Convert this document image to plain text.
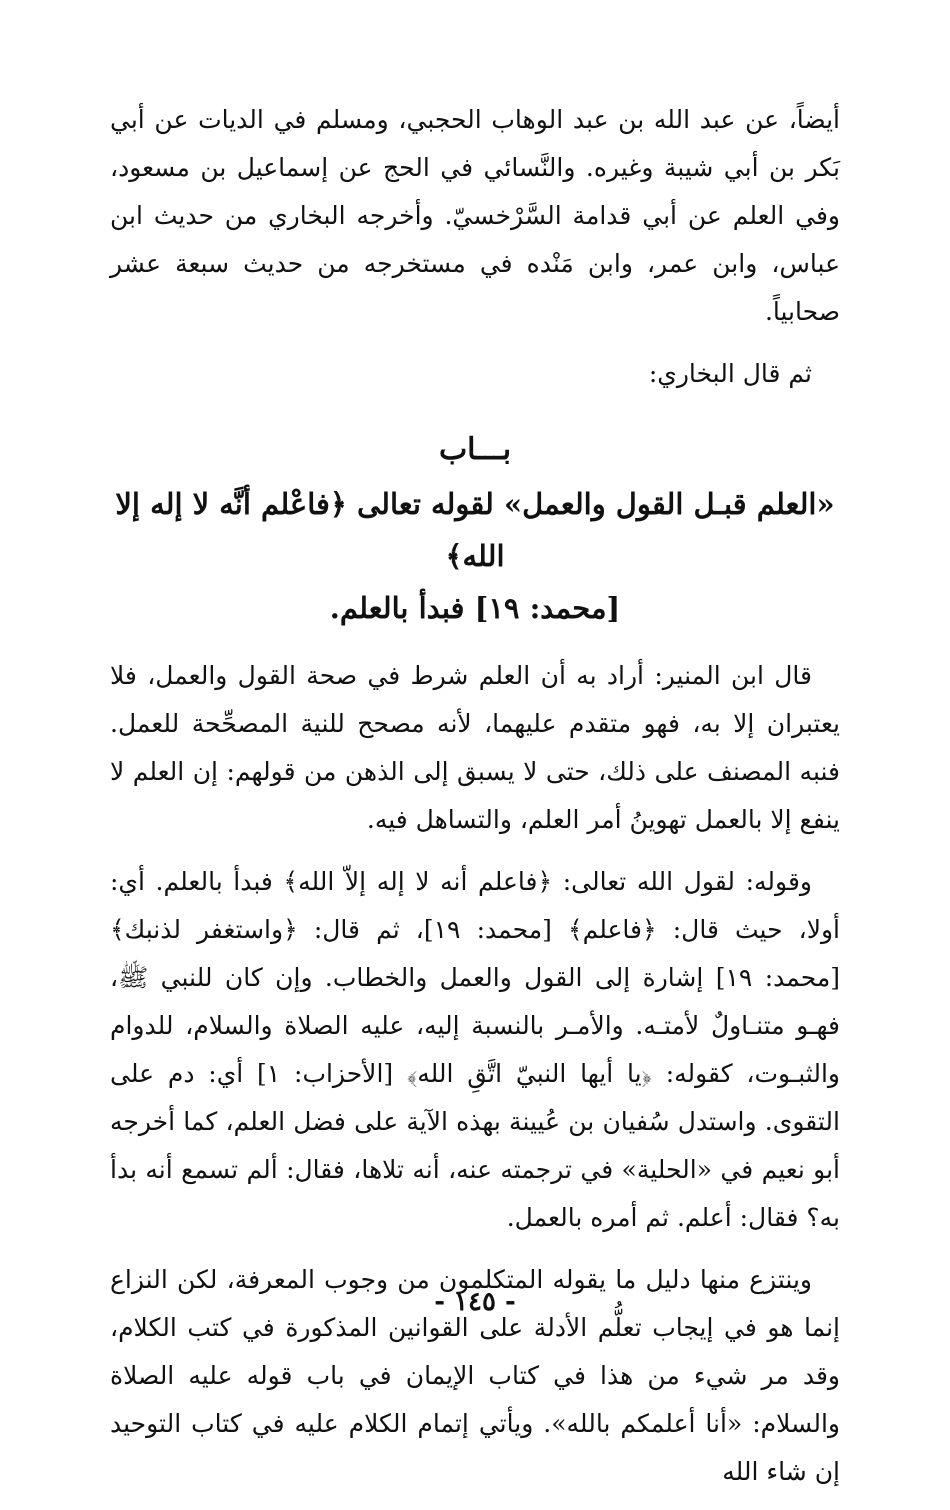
أيضاً، عن عبد الله بن عبد الوهاب الحجبي، ومسلم في الديات عن أبي بَكر بن أبي شيبة وغيره. والنَّسائي في الحج عن إسماعيل بن مسعود، وفي العلم عن أبي قدامة السَّرْخسيّ. وأخرجه البخاري من حديث ابن عباس، وابن عمر، وابن مَنْده في مستخرجه من حديث سبعة عشر صحابياً.

ثم قال البخاري:

بـــاب
«العلم قبـل القول والعمل» لقوله تعالى ﴿فاعْلم أنَّه لا إله إلا الله﴾
[محمد: ١٩] فبدأ بالعلم.

قال ابن المنير: أراد به أن العلم شرط في صحة القول والعمل، فلا يعتبران إلا به، فهو متقدم عليهما، لأنه مصحح للنية المصحِّحة للعمل. فنبه المصنف على ذلك، حتى لا يسبق إلى الذهن من قولهم: إن العلم لا ينفع إلا بالعمل تهوينُ أمر العلم، والتساهل فيه.

وقوله: لقول الله تعالى: ﴿فاعلم أنه لا إله إلاّ الله﴾ فبدأ بالعلم. أي: أولا، حيث قال: ﴿فاعلم﴾ [محمد: ١٩]، ثم قال: ﴿واستغفر لذنبك﴾ [محمد: ١٩] إشارة إلى القول والعمل والخطاب. وإن كان للنبي ﷺ، فهـو متنـاولٌ لأمتـه. والأمـر بالنسبة إليه، عليه الصلاة والسلام، للدوام والثبـوت، كقوله: ﴿يا أيها النبيّ اتَّقِ الله﴾ [الأحزاب: ١] أي: دم على التقوى. واستدل سُفيان بن عُيينة بهذه الآية على فضل العلم، كما أخرجه أبو نعيم في «الحلية» في ترجمته عنه، أنه تلاها، فقال: ألم تسمع أنه بدأ به؟ فقال: أعلم. ثم أمره بالعمل.

وينتزع منها دليل ما يقوله المتكلمون من وجوب المعرفة، لكن النزاع إنما هو في إيجاب تعلُّم الأدلة على القوانين المذكورة في كتب الكلام، وقد مر شيء من هذا في كتاب الإيمان في باب قوله عليه الصلاة والسلام: «أنا أعلمكم بالله». ويأتي إتمام الكلام عليه في كتاب التوحيد إن شاء الله

- ١٤٥ -
